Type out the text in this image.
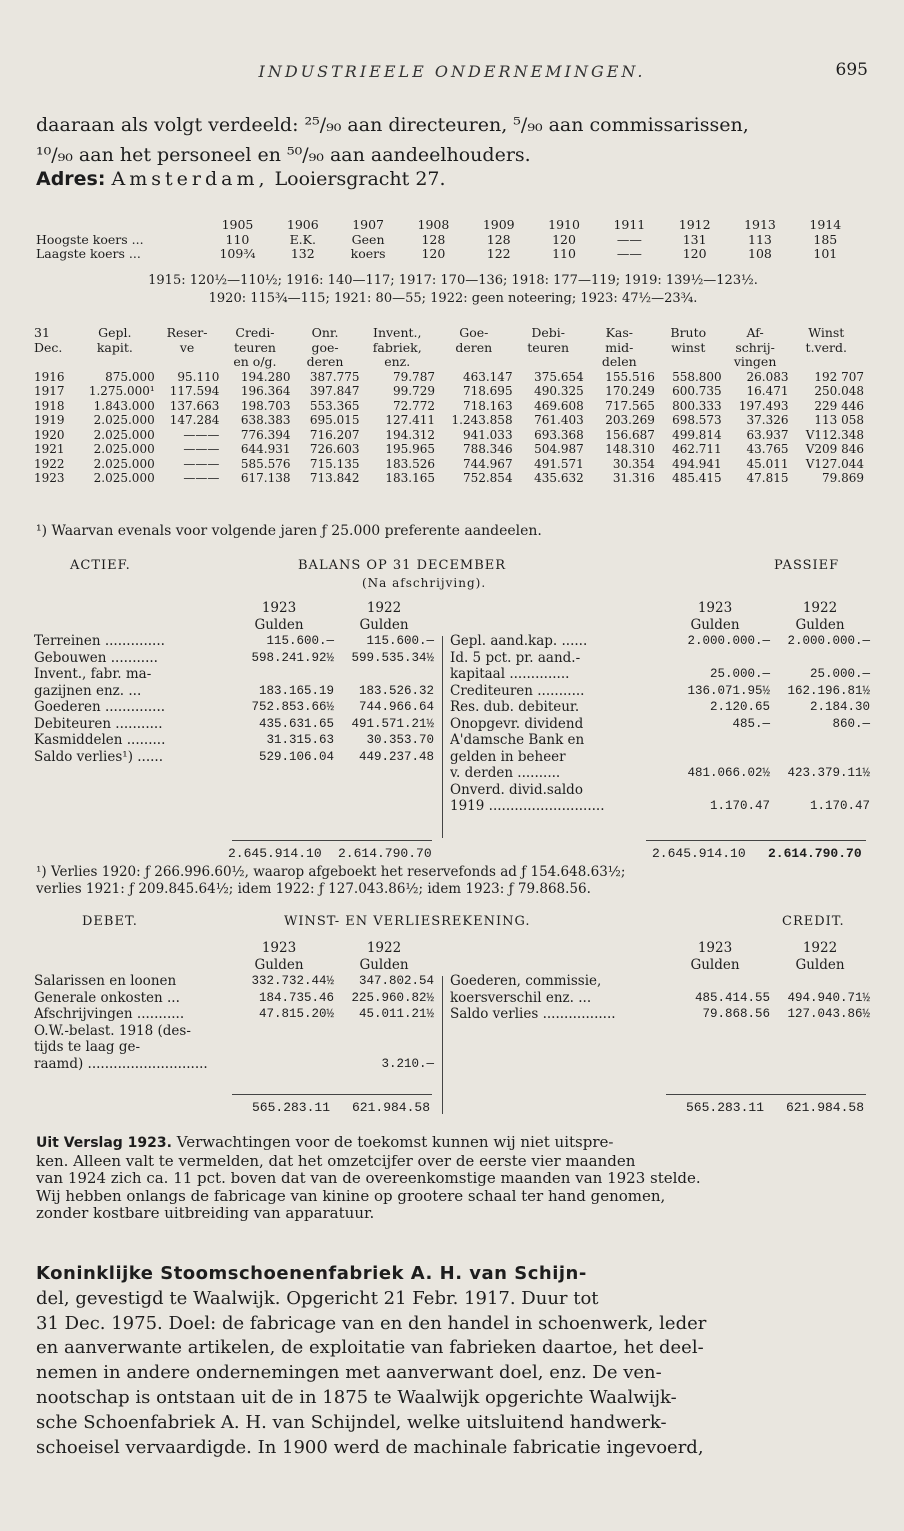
INDUSTRIEELE ONDERNEMINGEN.	695
daaraan als volgt verdeeld: ²⁵/₉₀ aan directeuren, ⁵/₉₀ aan commissarissen,
¹⁰/₉₀ aan het personeel en ⁵⁰/₉₀ aan aandeelhouders.
Adres: Amsterdam, Looiersgracht 27.
	1905	1906	1907	1908	1909	1910	1911	1912	1913	1914
Hoogste koers ...	110	E.K.	Geen	128	128	120	——	131	113	185
Laagste koers ...	109¾	132	koers	120	122	110	——	120	108	101
1915: 120½—110½; 1916: 140—117; 1917: 170—136; 1918: 177—119; 1919: 139½—123½.
1920: 115¾—115; 1921: 80—55; 1922: geen noteering; 1923: 47½—23¾.
31	Gepl.	Reser-	Credi-	Onr.	Invent.,	Goe-	Debi-	Kas-	Bruto	Af-	Winst
Dec.	kapit.	ve	teuren	goe-	fabriek,	deren	teuren	mid-	winst	schrij-	t.verd.
			en o/g.	deren	enz.			delen		vingen	
1916	875.000	95.110	194.280	387.775	79.787	463.147	375.654	155.516	558.800	26.083	192 707
1917	1.275.000¹	117.594	196.364	397.847	99.729	718.695	490.325	170.249	600.735	16.471	250.048
1918	1.843.000	137.663	198.703	553.365	72.772	718.163	469.608	717.565	800.333	197.493	229 446
1919	2.025.000	147.284	638.383	695.015	127.411	1.243.858	761.403	203.269	698.573	37.326	113 058
1920	2.025.000	———	776.394	716.207	194.312	941.033	693.368	156.687	499.814	63.937	V112.348
1921	2.025.000	———	644.931	726.603	195.965	788.346	504.987	148.310	462.711	43.765	V209 846
1922	2.025.000	———	585.576	715.135	183.526	744.967	491.571	30.354	494.941	45.011	V127.044
1923	2.025.000	———	617.138	713.842	183.165	752.854	435.632	31.316	485.415	47.815	79.869
¹) Waarvan evenals voor volgende jaren ƒ 25.000 preferente aandeelen.
ACTIEF.	BALANS OP 31 DECEMBER
(Na afschrijving).
PASSIEF
	1923	1922
	Gulden	Gulden
Terreinen ..............	115.600.—	115.600.—
Gebouwen ...........	598.241.92½	599.535.34½
Invent., fabr. ma-		
gazijnen enz. ...	183.165.19	183.526.32
Goederen ..............	752.853.66½	744.966.64
Debiteuren ...........	435.631.65	491.571.21½
Kasmiddelen .........	31.315.63	30.353.70
Saldo verlies¹) ......	529.106.04	449.237.48
	1923	1922
	Gulden	Gulden
Gepl. aand.kap. ......	2.000.000.—	2.000.000.—
Id. 5 pct. pr. aand.-		
kapitaal ..............	25.000.—	25.000.—
Crediteuren ...........	136.071.95½	162.196.81½
Res. dub. debiteur.	2.120.65	2.184.30
Onopgevr. dividend	485.—	860.—
A'damsche Bank en		
gelden in beheer		
v. derden ..........	481.066.02½	423.379.11½
Onverd. divid.saldo		
1919 ...........................	1.170.47	1.170.47
2.645.914.10 2.614.790.70	2.645.914.10 2.614.790.70
¹) Verlies 1920: ƒ 266.996.60½, waarop afgeboekt het reservefonds ad ƒ 154.648.63½;
verlies 1921: ƒ 209.845.64½; idem 1922: ƒ 127.043.86½; idem 1923: ƒ 79.868.56.
DEBET.	WINST- EN VERLIESREKENING.	CREDIT.
	1923	1922
	Gulden	Gulden
Salarissen en loonen	332.732.44½	347.802.54
Generale onkosten ...	184.735.46	225.960.82½
Afschrijvingen ...........	47.815.20½	45.011.21½
O.W.-belast. 1918 (des-		
tijds te laag ge-		
raamd) ............................		3.210.—
	1923	1922
	Gulden	Gulden
Goederen, commissie,		
koersverschil enz. ...	485.414.55	494.940.71½
Saldo verlies .................	79.868.56	127.043.86½
565.283.11 621.984.58	565.283.11 621.984.58
Uit Verslag 1923. Verwachtingen voor de toekomst kunnen wij niet uitspre-
ken. Alleen valt te vermelden, dat het omzetcijfer over de eerste vier maanden
van 1924 zich ca. 11 pct. boven dat van de overeenkomstige maanden van 1923 stelde.
Wij hebben onlangs de fabricage van kinine op grootere schaal ter hand genomen,
zonder kostbare uitbreiding van apparatuur.
Koninklijke Stoomschoenenfabriek A. H. van Schijn-
del, gevestigd te Waalwijk. Opgericht 21 Febr. 1917. Duur tot
31 Dec. 1975. Doel: de fabricage van en den handel in schoenwerk, leder
en aanverwante artikelen, de exploitatie van fabrieken daartoe, het deel-
nemen in andere ondernemingen met aanverwant doel, enz. De ven-
nootschap is ontstaan uit de in 1875 te Waalwijk opgerichte Waalwijk-
sche Schoenfabriek A. H. van Schijndel, welke uitsluitend handwerk-
schoeisel vervaardigde. In 1900 werd de machinale fabricatie ingevoerd,
